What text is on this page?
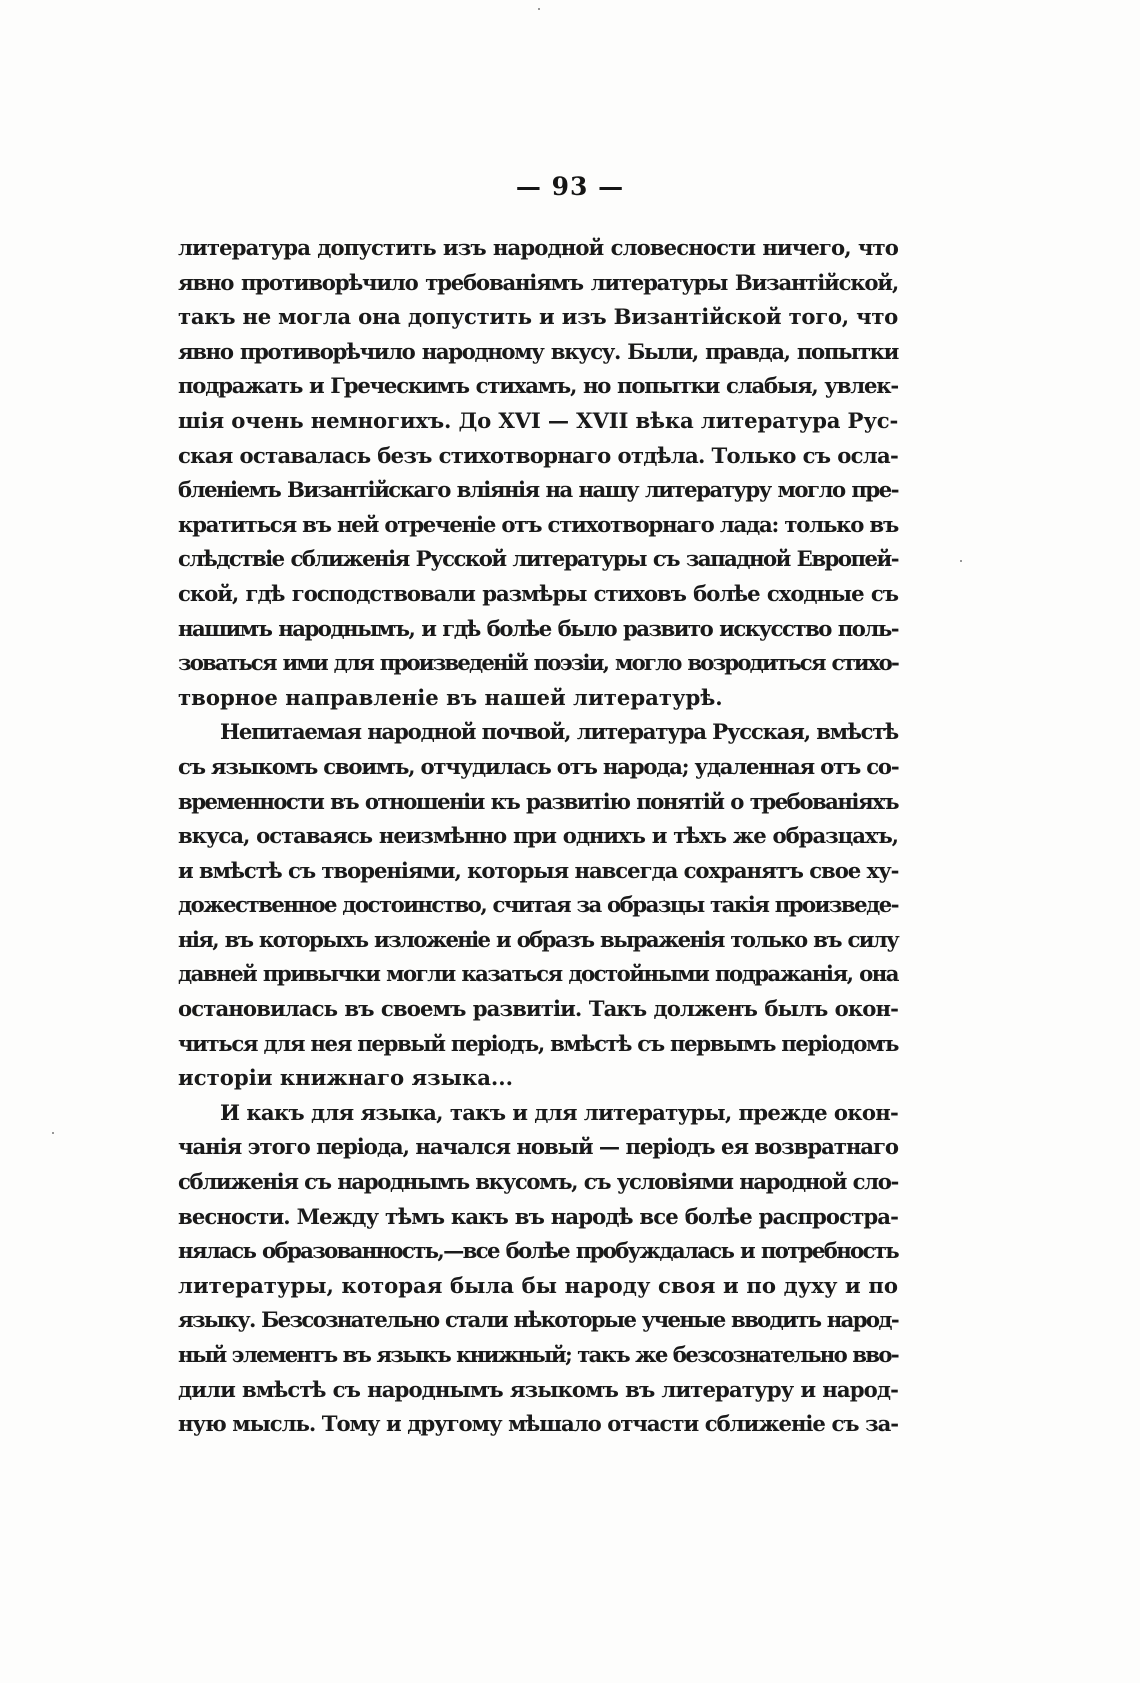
— 93 —
литература допустить изъ народной словесности ничего, что
явно противорѣчило требованіямъ литературы Византійской,
такъ не могла она допустить и изъ Византійской того, что
явно противорѣчило народному вкусу. Были, правда, попытки
подражать и Греческимъ стихамъ, но попытки слабыя, увлек-
шія очень немногихъ. До XVI — XVII вѣка литература Рус-
ская оставалась безъ стихотворнаго отдѣла. Только съ осла-
бленіемъ Византійскаго вліянія на нашу литературу могло пре-
кратиться въ ней отреченіе отъ стихотворнаго лада: только въ
слѣдствіе сближенія Русской литературы съ западной Европей-
ской, гдѣ господствовали размѣры стиховъ болѣе сходные съ
нашимъ народнымъ, и гдѣ болѣе было развито искусство поль-
зоваться ими для произведеній поэзіи, могло возродиться стихо-
творное направленіе въ нашей литературѣ.
Непитаемая народной почвой, литература Русская, вмѣстѣ
съ языкомъ своимъ, отчудилась отъ народа; удаленная отъ со-
временности въ отношеніи къ развитію понятій о требованіяхъ
вкуса, оставаясь неизмѣнно при однихъ и тѣхъ же образцахъ,
и вмѣстѣ съ твореніями, которыя навсегда сохранятъ свое ху-
дожественное достоинство, считая за образцы такія произведе-
нія, въ которыхъ изложеніе и образъ выраженія только въ силу
давней привычки могли казаться достойными подражанія, она
остановилась въ своемъ развитіи. Такъ долженъ былъ окон-
читься для нея первый періодъ, вмѣстѣ съ первымъ періодомъ
исторіи книжнаго языка...
И какъ для языка, такъ и для литературы, прежде окон-
чанія этого періода, начался новый — періодъ ея возвратнаго
сближенія съ народнымъ вкусомъ, съ условіями народной сло-
весности. Между тѣмъ какъ въ народѣ все болѣе распростра-
нялась образованность,—все болѣе пробуждалась и потребность
литературы, которая была бы народу своя и по духу и по
языку. Безсознательно стали нѣкоторые ученые вводить народ-
ный элементъ въ языкъ книжный; такъ же безсознательно вво-
дили вмѣстѣ съ народнымъ языкомъ въ литературу и народ-
ную мысль. Тому и другому мѣшало отчасти сближеніе съ за-
